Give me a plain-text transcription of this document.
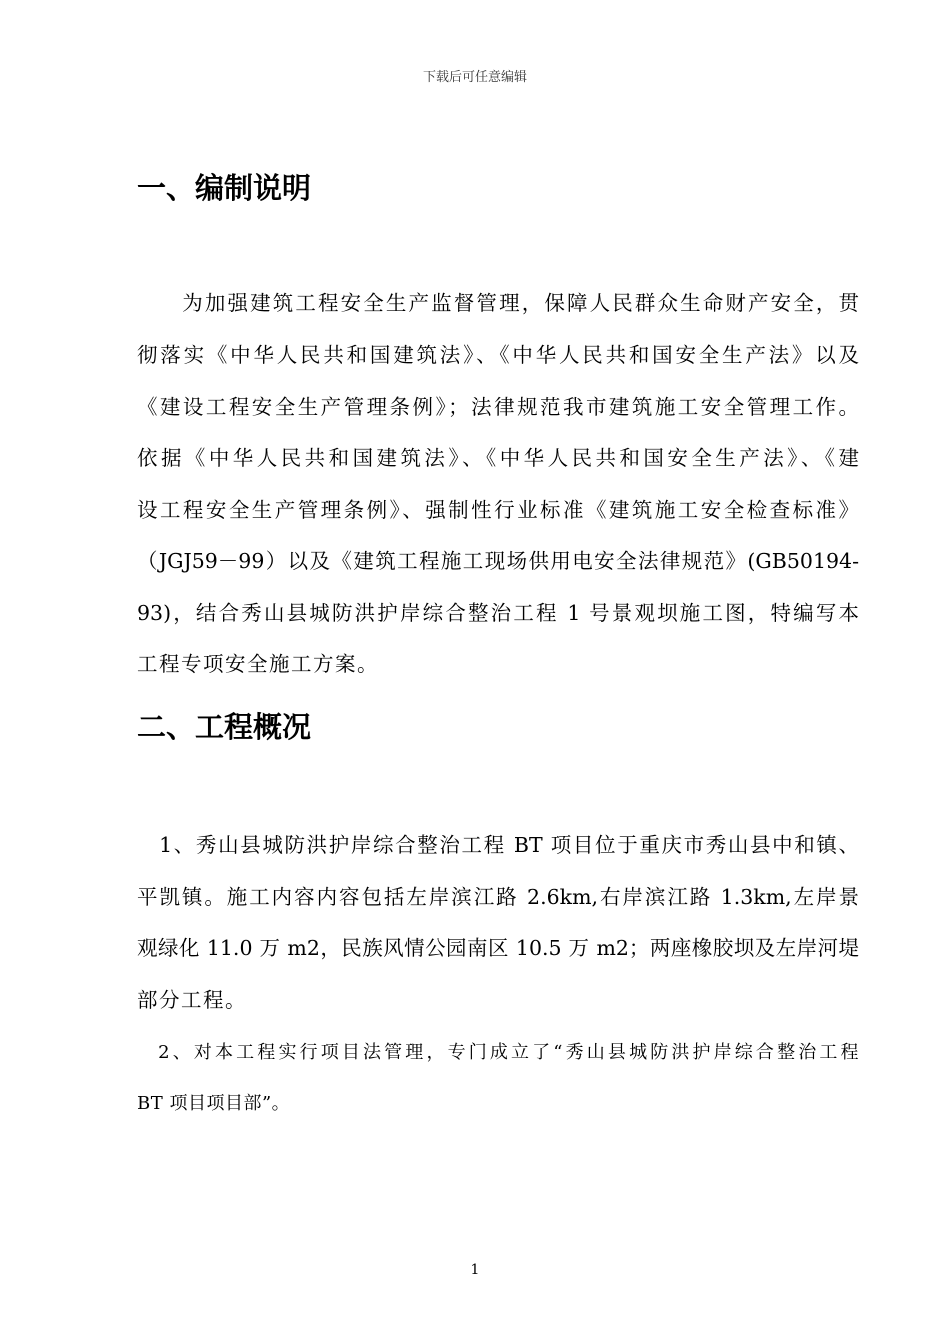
下载后可任意编辑
一、编制说明
　　为加强建筑工程安全生产监督管理，保障人民群众生命财产安全，贯
彻落实《中华人民共和国建筑法》、《中华人民共和国安全生产法》以及
《建设工程安全生产管理条例》；法律规范我市建筑施工安全管理工作。
依据《中华人民共和国建筑法》、《中华人民共和国安全生产法》、《建
设工程安全生产管理条例》、强制性行业标准《建筑施工安全检查标准》
（JGJ59－99）以及《建筑工程施工现场供用电安全法律规范》(GB50194-
93)，结合秀山县城防洪护岸综合整治工程 1 号景观坝施工图，特编写本
工程专项安全施工方案。
二、工程概况
　1、秀山县城防洪护岸综合整治工程 BT 项目位于重庆市秀山县中和镇、
平凯镇。施工内容内容包括左岸滨江路 2.6km,右岸滨江路 1.3km,左岸景
观绿化 11.0 万 m2，民族风情公园南区 10.5 万 m2；两座橡胶坝及左岸河堤
部分工程。
　2、对本工程实行项目法管理，专门成立了“秀山县城防洪护岸综合整治工程
BT 项目项目部”。
1
